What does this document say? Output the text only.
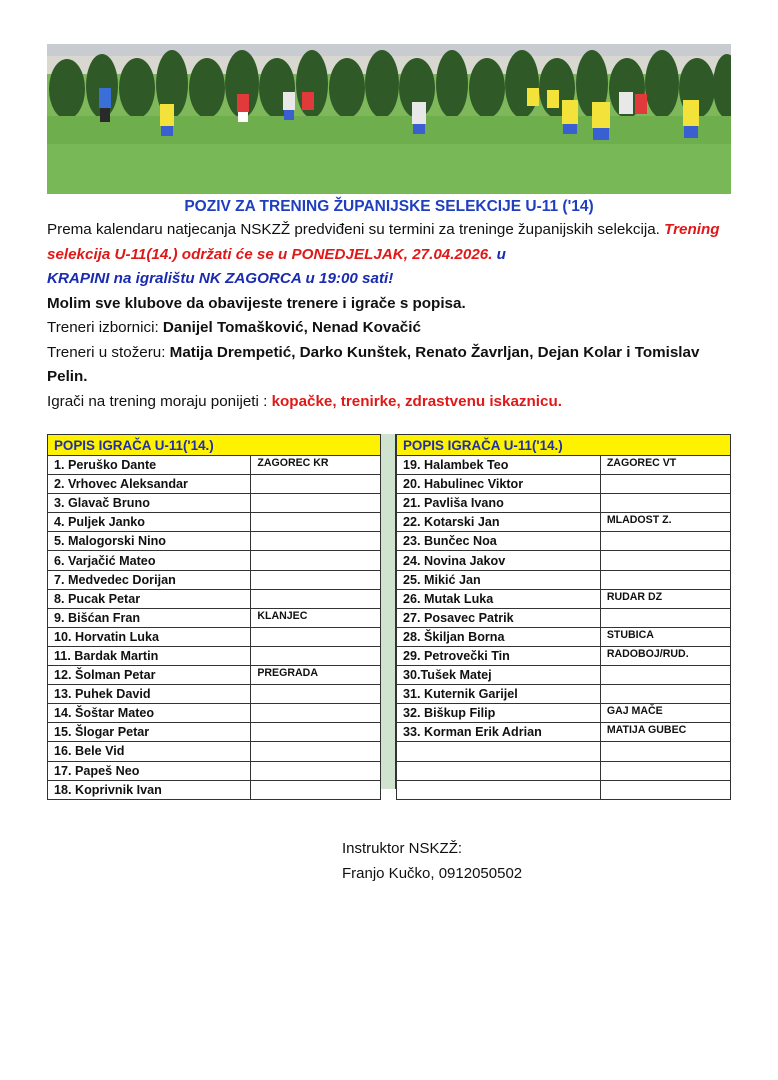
POZIV ZA TRENING ŽUPANIJSKE SELEKCIJE U-11 ('14)

Prema kalendaru natjecanja NSKZŽ predviđeni su termini za treninge županijskih selekcija. Trening selekcija U-11(14.) održati će se u PONEDJELJAK, 27.04.2026. u
KRAPINI na igralištu NK ZAGORCA u 19:00 sati!

Molim sve klubove da obavijeste trenere i igrače s popisa.

Treneri izbornici: Danijel Tomašković, Nenad Kovačić

Treneri u stožeru: Matija Drempetić, Darko Kunštek, Renato Žavrljan, Dejan Kolar i Tomislav Pelin.

Igrači na trening moraju ponijeti : kopačke, trenirke, zdrastvenu iskaznicu.

POPIS IGRAČA U-11('14.)	
1. Peruško Dante	ZAGOREC KR
2. Vrhovec Aleksandar	
3. Glavač Bruno	
4. Puljek Janko	
5. Malogorski Nino	
6. Varjačić Mateo	
7. Medvedec Dorijan	
8. Pucak Petar	
9. Bišćan Fran	KLANJEC
10. Horvatin Luka	
11. Bardak Martin	
12. Šolman Petar	PREGRADA
13. Puhek David	
14. Šoštar Mateo	
15. Šlogar Petar	
16. Bele Vid	
17. Papeš Neo	
18. Koprivnik Ivan	
POPIS IGRAČA U-11('14.)	
19. Halambek Teo	ZAGOREC VT
20. Habulinec Viktor	
21. Pavliša Ivano	
22. Kotarski Jan	MLADOST Z.
23. Bunčec Noa	
24. Novina Jakov	
25. Mikić Jan	
26. Mutak Luka	RUDAR DZ
27. Posavec Patrik	
28. Škiljan Borna	STUBICA
29. Petrovečki Tin	RADOBOJ/RUD.
30.Tušek Matej	
31. Kuternik Garijel	
32. Biškup Filip	GAJ MAČE
33. Korman Erik Adrian	MATIJA GUBEC

Instruktor NSKZŽ:
Franjo Kučko, 0912050502
